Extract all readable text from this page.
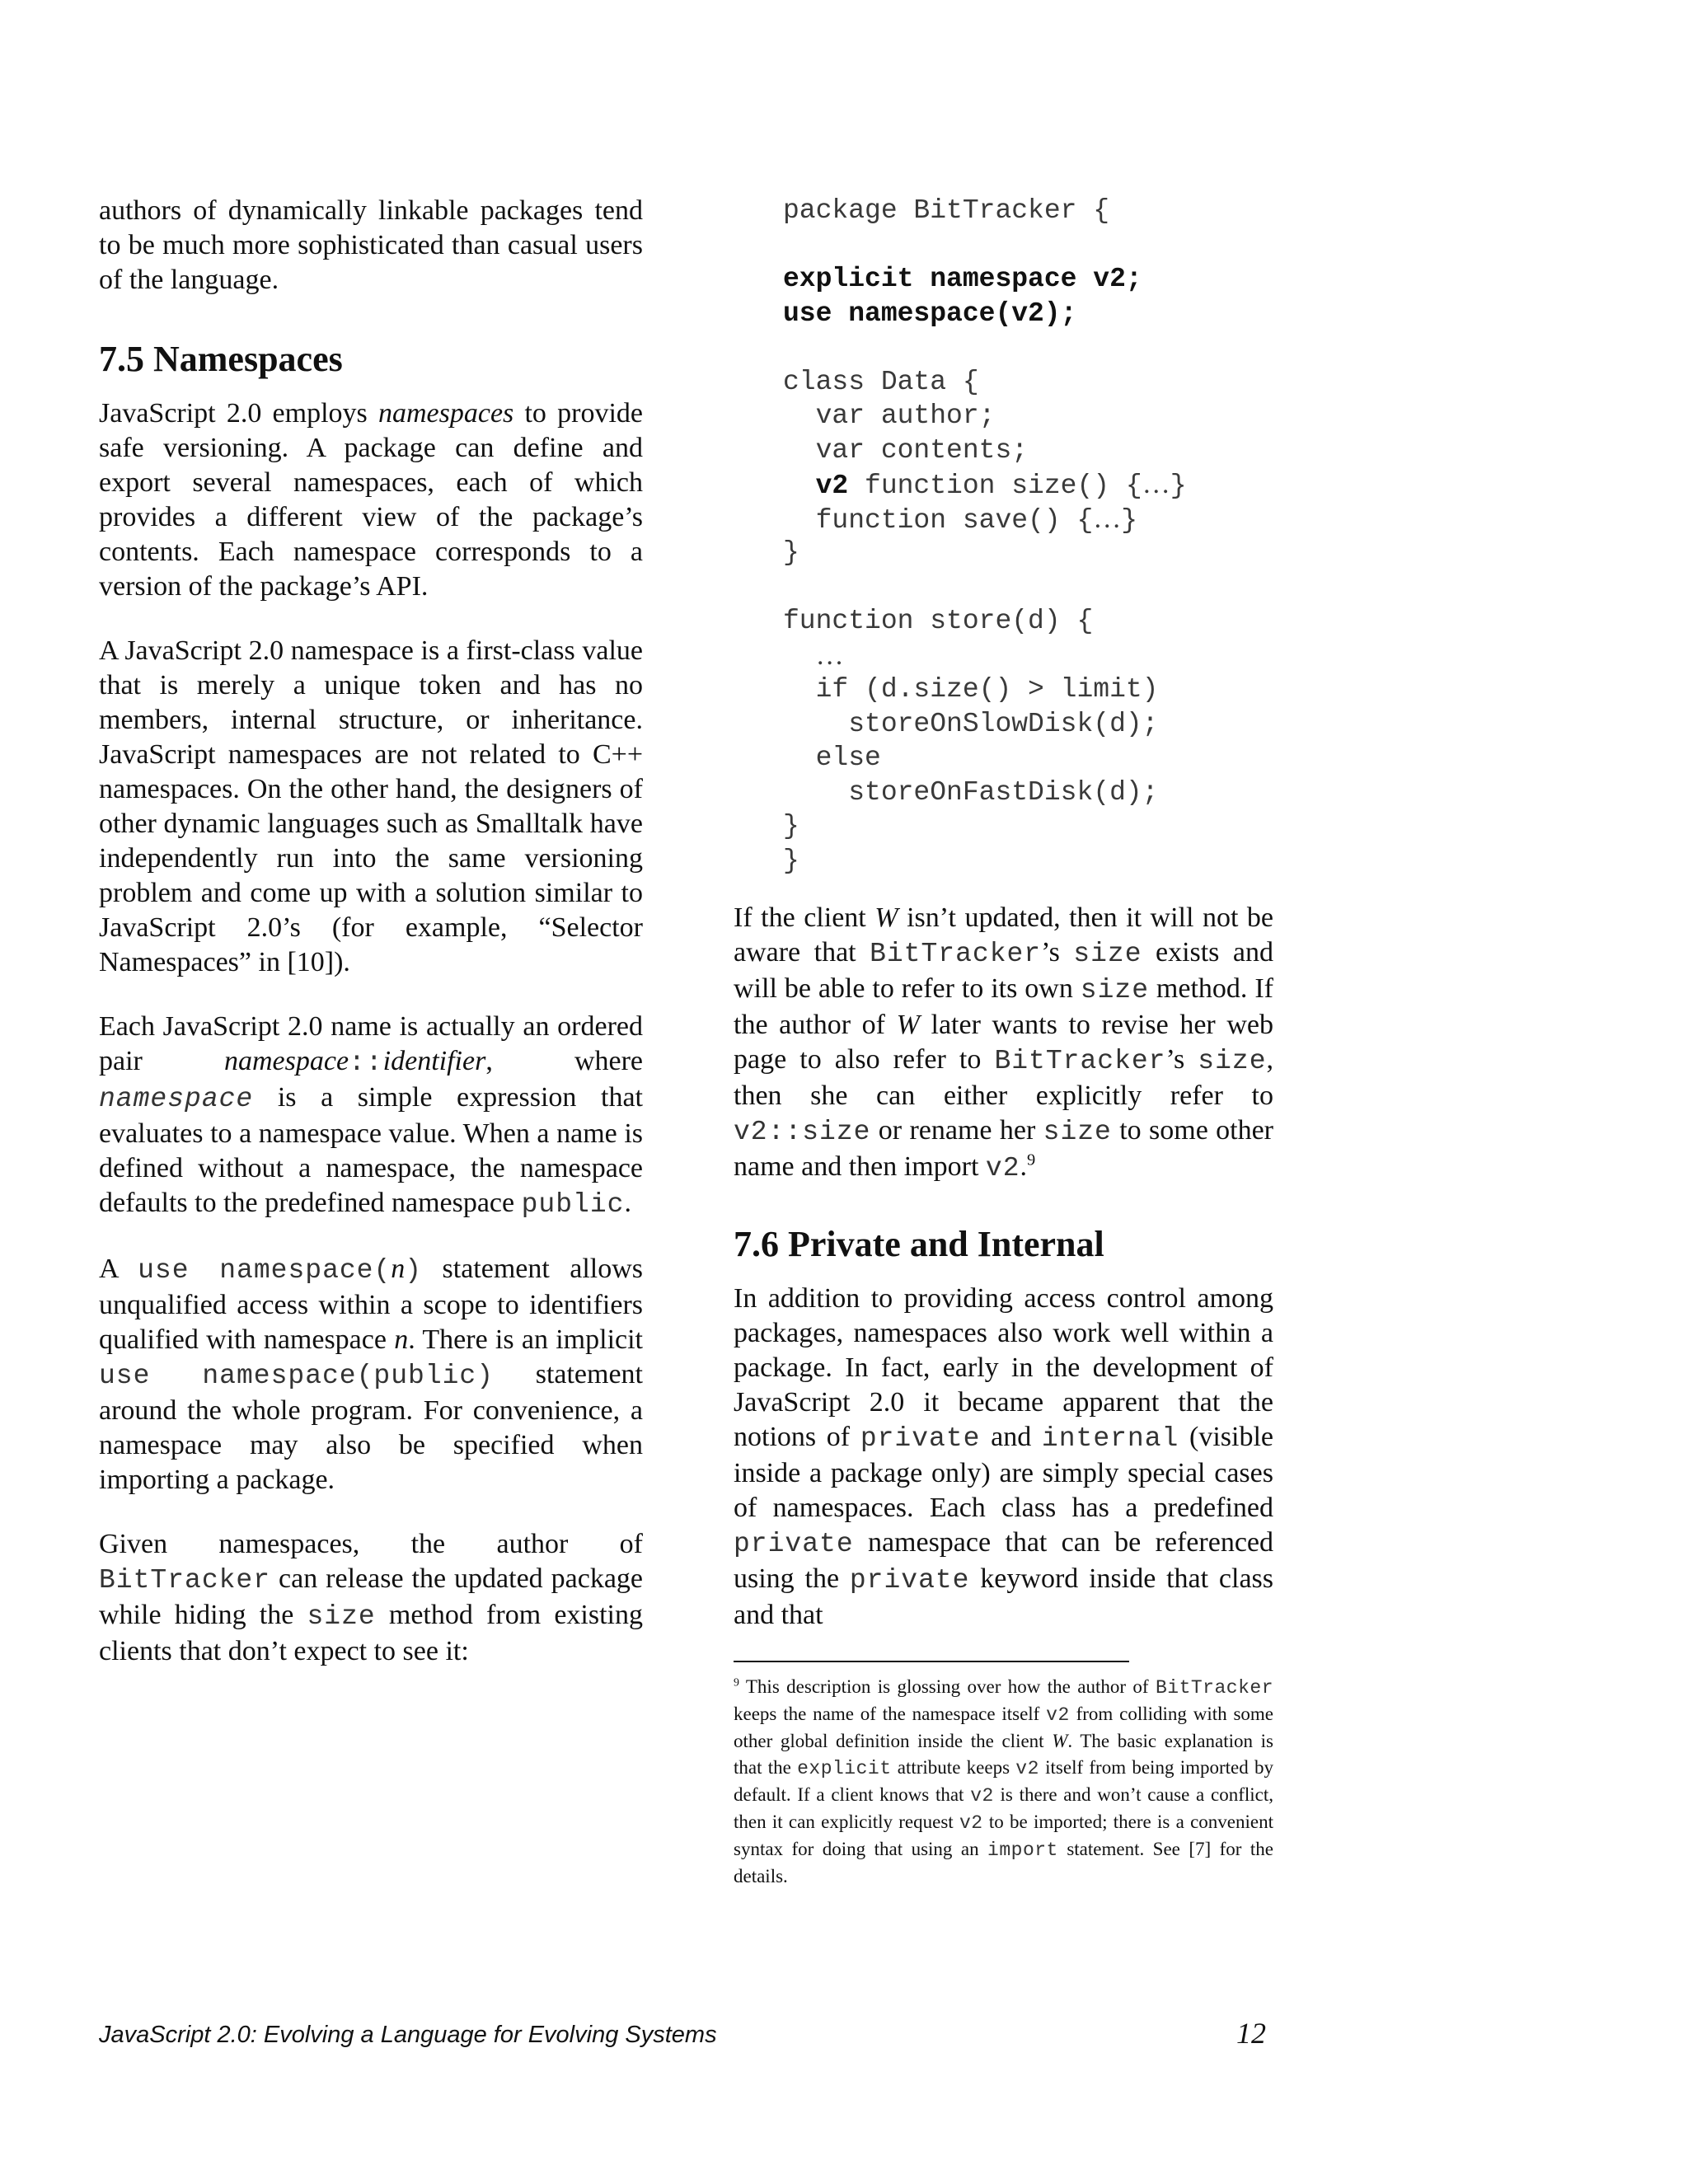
authors of dynamically linkable packages tend to be much more sophisticated than casual users of the language.

7.5 Namespaces

JavaScript 2.0 employs namespaces to provide safe versioning. A package can define and export several namespaces, each of which provides a different view of the package’s contents. Each namespace corresponds to a version of the package’s API.

A JavaScript 2.0 namespace is a first-class value that is merely a unique token and has no members, internal structure, or inheritance. JavaScript namespaces are not related to C++ namespaces. On the other hand, the designers of other dynamic languages such as Smalltalk have independently run into the same versioning problem and come up with a solution similar to JavaScript 2.0’s (for example, “Selector Namespaces” in [10]).

Each JavaScript 2.0 name is actually an ordered pair namespace::identifier, where namespace is a simple expression that evaluates to a namespace value. When a name is defined without a namespace, the namespace defaults to the predefined namespace public.

A use namespace(n) statement allows unqualified access within a scope to identifiers qualified with namespace n. There is an implicit use namespace(public) statement around the whole program. For convenience, a namespace may also be specified when importing a package.

Given namespaces, the author of BitTracker can release the updated package while hiding the size method from existing clients that don’t expect to see it:

package BitTracker {
explicit namespace v2;
use namespace(v2);
class Data {
var author;
var contents;
v2 function size() {…}
function save() {…}
}
function store(d) {
…
if (d.size() > limit)
storeOnSlowDisk(d);
else
storeOnFastDisk(d);
}
}

If the client W isn’t updated, then it will not be aware that BitTracker’s size exists and will be able to refer to its own size method. If the author of W later wants to revise her web page to also refer to BitTracker’s size, then she can either explicitly refer to v2::size or rename her size to some other name and then import v2.$^9$

7.6 Private and Internal

In addition to providing access control among packages, namespaces also work well within a package. In fact, early in the development of JavaScript 2.0 it became apparent that the notions of private and internal (visible inside a package only) are simply special cases of namespaces. Each class has a predefined private namespace that can be referenced using the private keyword inside that class and that

$^9$ This description is glossing over how the author of BitTracker keeps the name of the namespace itself v2 from colliding with some other global definition inside the client W. The basic explanation is that the explicit attribute keeps v2 itself from being imported by default. If a client knows that v2 is there and won’t cause a conflict, then it can explicitly request v2 to be imported; there is a convenient syntax for doing that using an import statement. See [7] for the details.

JavaScript 2.0: Evolving a Language for Evolving Systems	12
